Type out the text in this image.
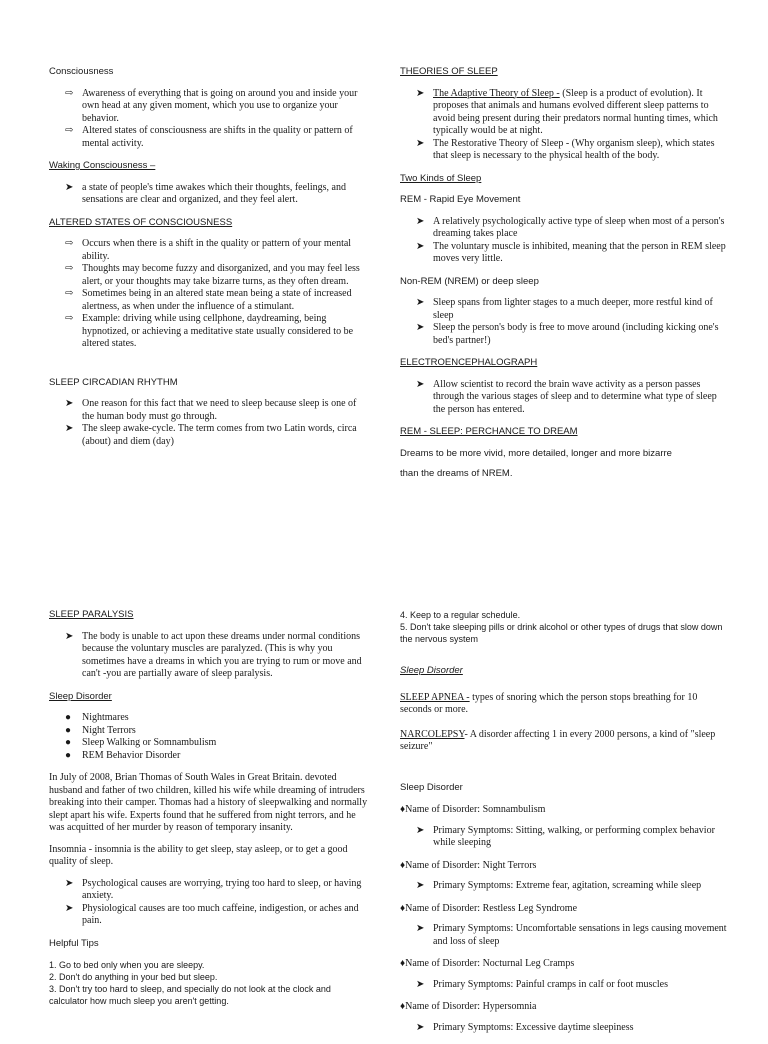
Consciousness

⇨ Awareness of everything that is going on around you and inside your own head at any given moment, which you use to organize your behavior.
⇨ Altered states of consciousness are shifts in the quality or pattern of mental activity.

Waking Consciousness –

➤ a state of people's time awakes which their thoughts, feelings, and sensations are clear and organized, and they feel alert.

ALTERED STATES OF CONSCIOUSNESS

⇨ Occurs when there is a shift in the quality or pattern of your mental ability.
⇨ Thoughts may become fuzzy and disorganized, and you may feel less alert, or your thoughts may take bizarre turns, as they often dream.
⇨ Sometimes being in an altered state mean being a state of increased alertness, as when under the influence of a stimulant.
⇨ Example: driving while using cellphone, daydreaming, being hypnotized, or achieving a meditative state usually considered to be altered states.

SLEEP CIRCADIAN RHYTHM

➤ One reason for this fact that we need to sleep because sleep is one of the human body must go through.
➤ The sleep awake-cycle. The term comes from two Latin words, circa (about) and diem (day)

THEORIES OF SLEEP

➤ The Adaptive Theory of Sleep - (Sleep is a product of evolution). It proposes that animals and humans evolved different sleep patterns to avoid being present during their predators normal hunting times, which typically would be at night.
➤ The Restorative Theory of Sleep - (Why organism sleep), which states that sleep is necessary to the physical health of the body.

Two Kinds of Sleep

REM - Rapid Eye Movement

➤ A relatively psychologically active type of sleep when most of a person's dreaming takes place
➤ The voluntary muscle is inhibited, meaning that the person in REM sleep moves very little.

Non-REM (NREM) or deep sleep

➤ Sleep spans from lighter stages to a much deeper, more restful kind of sleep
➤ Sleep the person's body is free to move around (including kicking one's bed's partner!)

ELECTROENCEPHALOGRAPH

➤ Allow scientist to record the brain wave activity as a person passes through the various stages of sleep and to determine what type of sleep the person has entered.

REM - SLEEP: PERCHANCE TO DREAM

Dreams to be more vivid, more detailed, longer and more bizarre

than the dreams of NREM.

SLEEP PARALYSIS

➤ The body is unable to act upon these dreams under normal conditions because the voluntary muscles are paralyzed. (This is why you sometimes have a dreams in which you are trying to rum or move and can't -you are partially aware of sleep paralysis.

Sleep Disorder

● Nightmares
● Night Terrors
● Sleep Walking or Somnambulism
● REM Behavior Disorder

In July of 2008, Brian Thomas of South Wales in Great Britain. devoted husband and father of two children, killed his wife while dreaming of intruders breaking into their camper. Thomas had a history of sleepwalking and normally slept apart his wife. Experts found that he suffered from night terrors, and he was acquitted of her murder by reason of temporary insanity.

Insomnia - insomnia is the ability to get sleep, stay asleep, or to get a good quality of sleep.

➤ Psychological causes are worrying, trying too hard to sleep, or having anxiety.
➤ Physiological causes are too much caffeine, indigestion, or aches and pain.

Helpful Tips

1. Go to bed only when you are sleepy.

2. Don't do anything in your bed but sleep.

3. Don't try too hard to sleep, and specially do not look at the clock and calculator how much sleep you aren't getting.

4. Keep to a regular schedule.

5. Don't take sleeping pills or drink alcohol or other types of drugs that slow down the nervous system

Sleep Disorder

SLEEP APNEA - types of snoring which the person stops breathing for 10 seconds or more.

NARCOLEPSY- A disorder affecting 1 in every 2000 persons, a kind of "sleep seizure"

Sleep Disorder

♦Name of Disorder: Somnambulism

➤ Primary Symptoms: Sitting, walking, or performing complex behavior while sleeping

♦Name of Disorder: Night Terrors

➤ Primary Symptoms: Extreme fear, agitation, screaming while sleep

♦Name of Disorder: Restless Leg Syndrome

➤ Primary Symptoms: Uncomfortable sensations in legs causing movement and loss of sleep

♦Name of Disorder: Nocturnal Leg Cramps

➤ Primary Symptoms: Painful cramps in calf or foot muscles

♦Name of Disorder: Hypersomnia

➤ Primary Symptoms: Excessive daytime sleepiness
